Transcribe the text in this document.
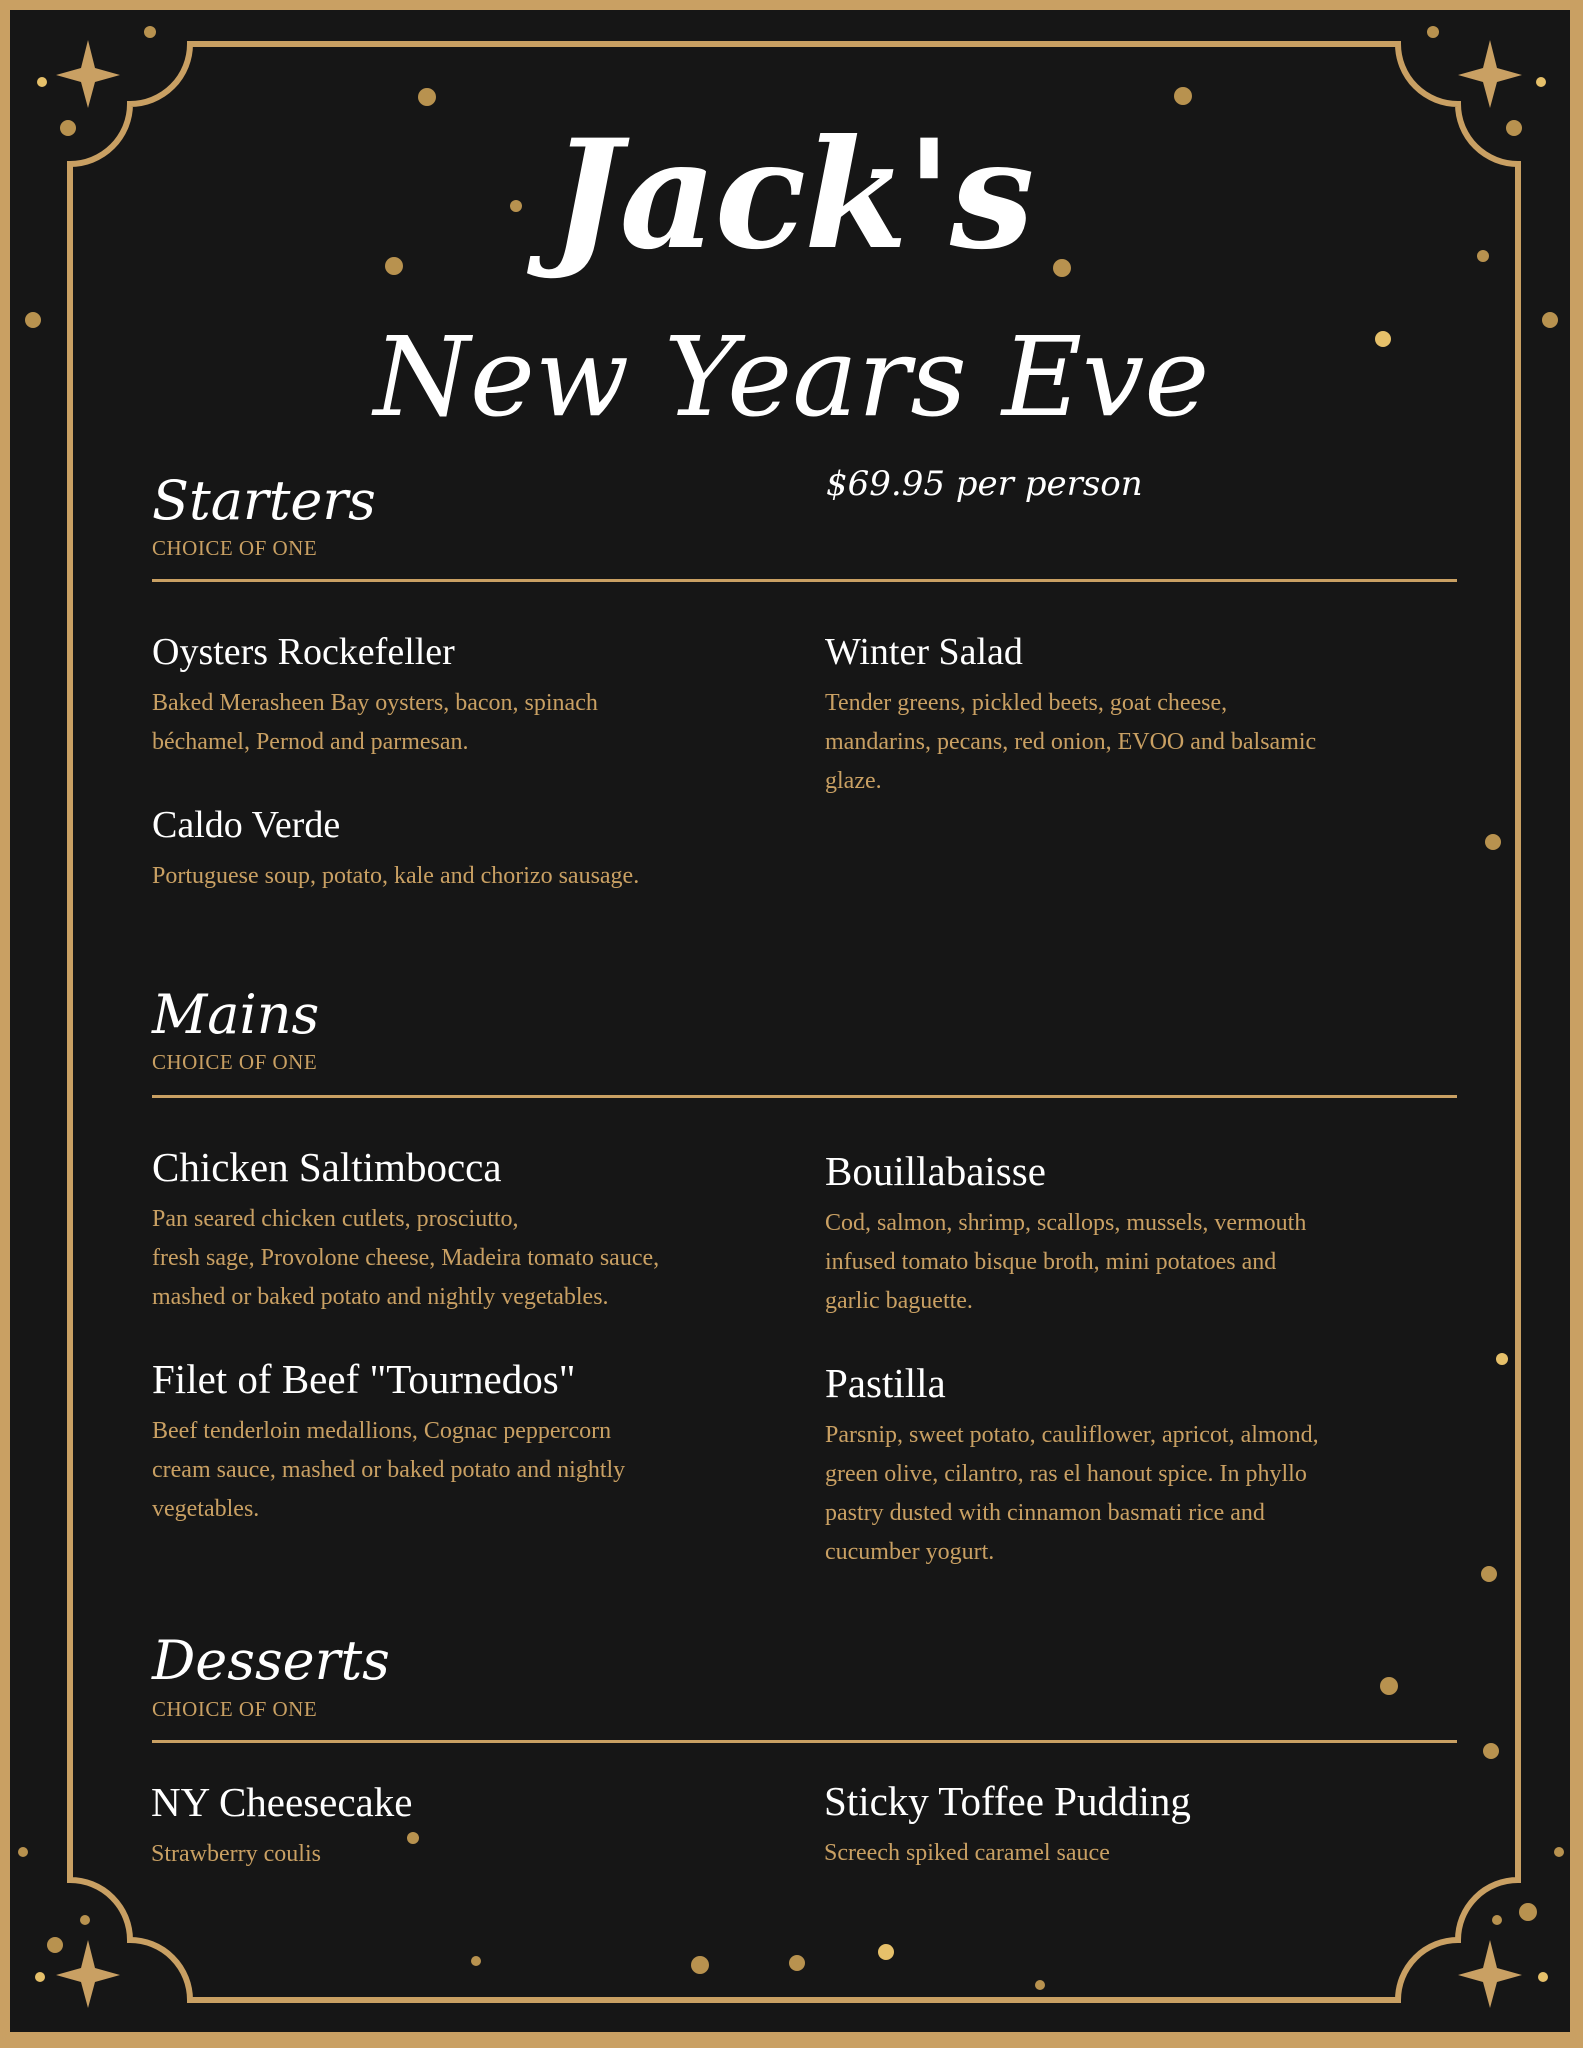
Jack's
New Years Eve
$69.95 per person
Starters
CHOICE OF ONE
Oysters Rockefeller
Baked Merasheen Bay oysters, bacon, spinach
béchamel, Pernod and parmesan.
Winter Salad
Tender greens, pickled beets, goat cheese,
mandarins, pecans, red onion, EVOO and balsamic
glaze.
Caldo Verde
Portuguese soup, potato, kale and chorizo sausage.
Mains
CHOICE OF ONE
Chicken Saltimbocca
Pan seared chicken cutlets, prosciutto,
fresh sage, Provolone cheese, Madeira tomato sauce,
mashed or baked potato and nightly vegetables.
Bouillabaisse
Cod, salmon, shrimp, scallops, mussels, vermouth
infused tomato bisque broth, mini potatoes and
garlic baguette.
Filet of Beef "Tournedos"
Beef tenderloin medallions, Cognac peppercorn
cream sauce, mashed or baked potato and nightly
vegetables.
Pastilla
Parsnip, sweet potato, cauliflower, apricot, almond,
green olive, cilantro, ras el hanout spice. In phyllo
pastry dusted with cinnamon basmati rice and
cucumber yogurt.
Desserts
CHOICE OF ONE
NY Cheesecake
Strawberry coulis
Sticky Toffee Pudding
Screech spiked caramel sauce
